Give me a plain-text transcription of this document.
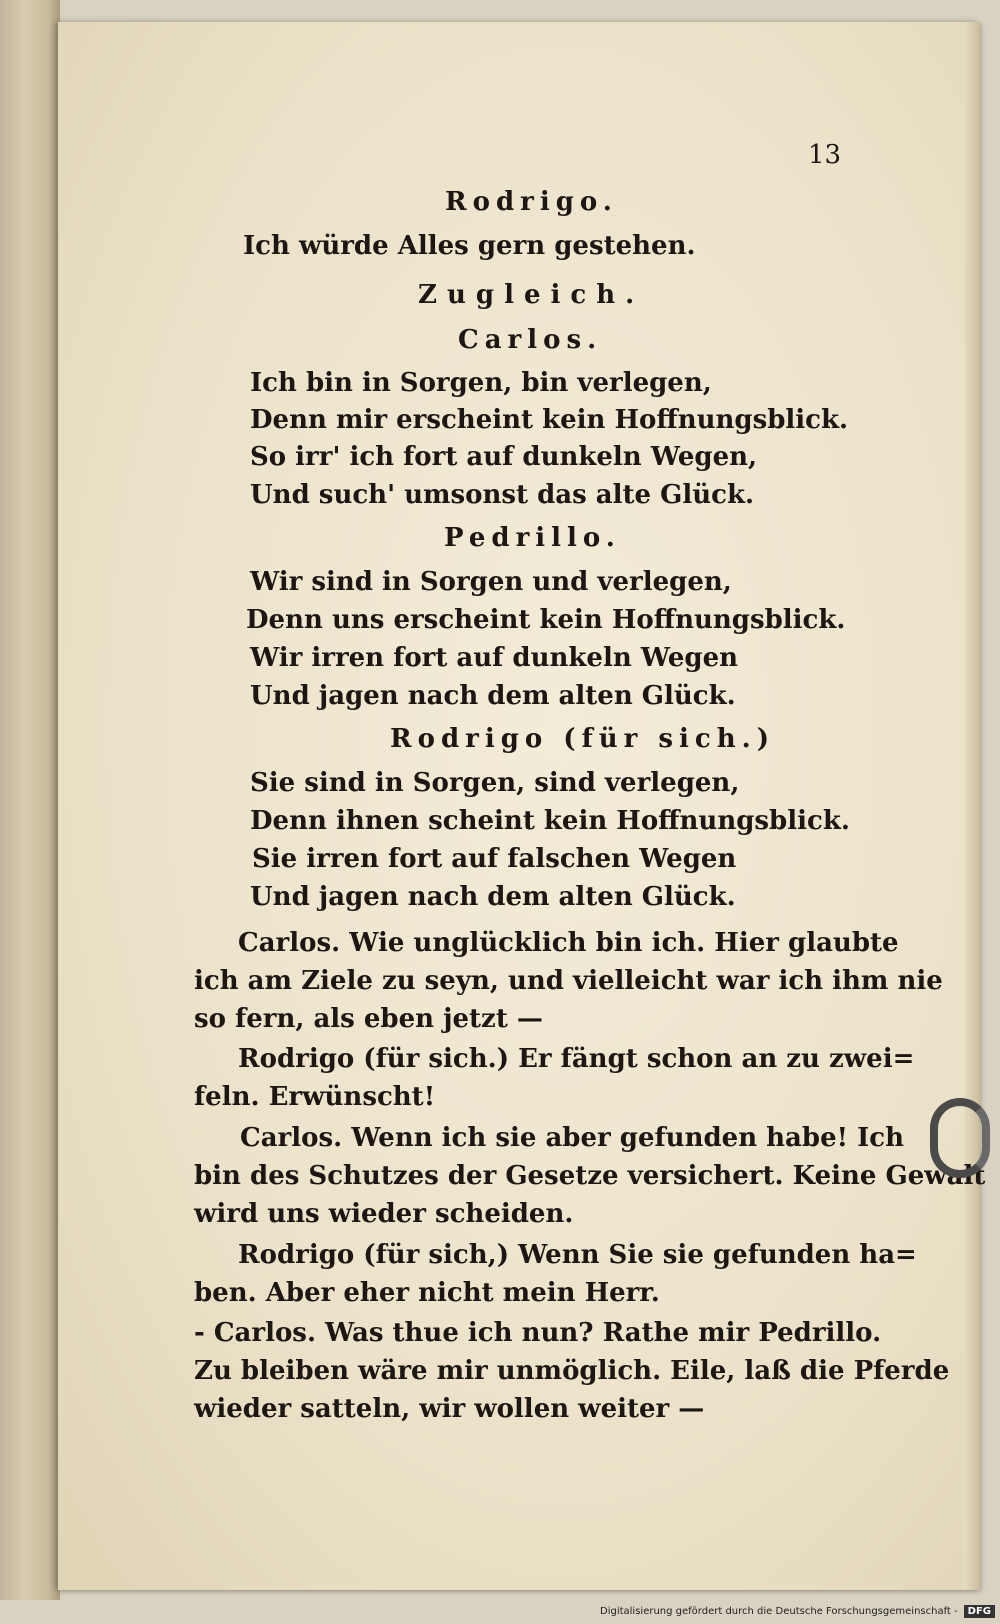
13
Rodrigo.
Ich würde Alles gern gestehen.
Zugleich.
Carlos.
Ich bin in Sorgen, bin verlegen,
Denn mir erscheint kein Hoffnungsblick.
So irr' ich fort auf dunkeln Wegen,
Und such' umsonst das alte Glück.
Pedrillo.
Wir sind in Sorgen und verlegen,
Denn uns erscheint kein Hoffnungsblick.
Wir irren fort auf dunkeln Wegen
Und jagen nach dem alten Glück.
Rodrigo (für sich.)
Sie sind in Sorgen, sind verlegen,
Denn ihnen scheint kein Hoffnungsblick.
Sie irren fort auf falschen Wegen
Und jagen nach dem alten Glück.
Carlos. Wie unglücklich bin ich. Hier glaubte
ich am Ziele zu seyn, und vielleicht war ich ihm nie
so fern, als eben jetzt —
Rodrigo (für sich.) Er fängt schon an zu zwei=
feln. Erwünscht!
Carlos. Wenn ich sie aber gefunden habe! Ich
bin des Schutzes der Gesetze versichert. Keine Gewalt
wird uns wieder scheiden.
Rodrigo (für sich,) Wenn Sie sie gefunden ha=
ben. Aber eher nicht mein Herr.
- Carlos. Was thue ich nun? Rathe mir Pedrillo.
Zu bleiben wäre mir unmöglich. Eile, laß die Pferde
wieder satteln, wir wollen weiter —
Digitalisierung gefördert durch die Deutsche Forschungsgemeinschaft -	DFG
